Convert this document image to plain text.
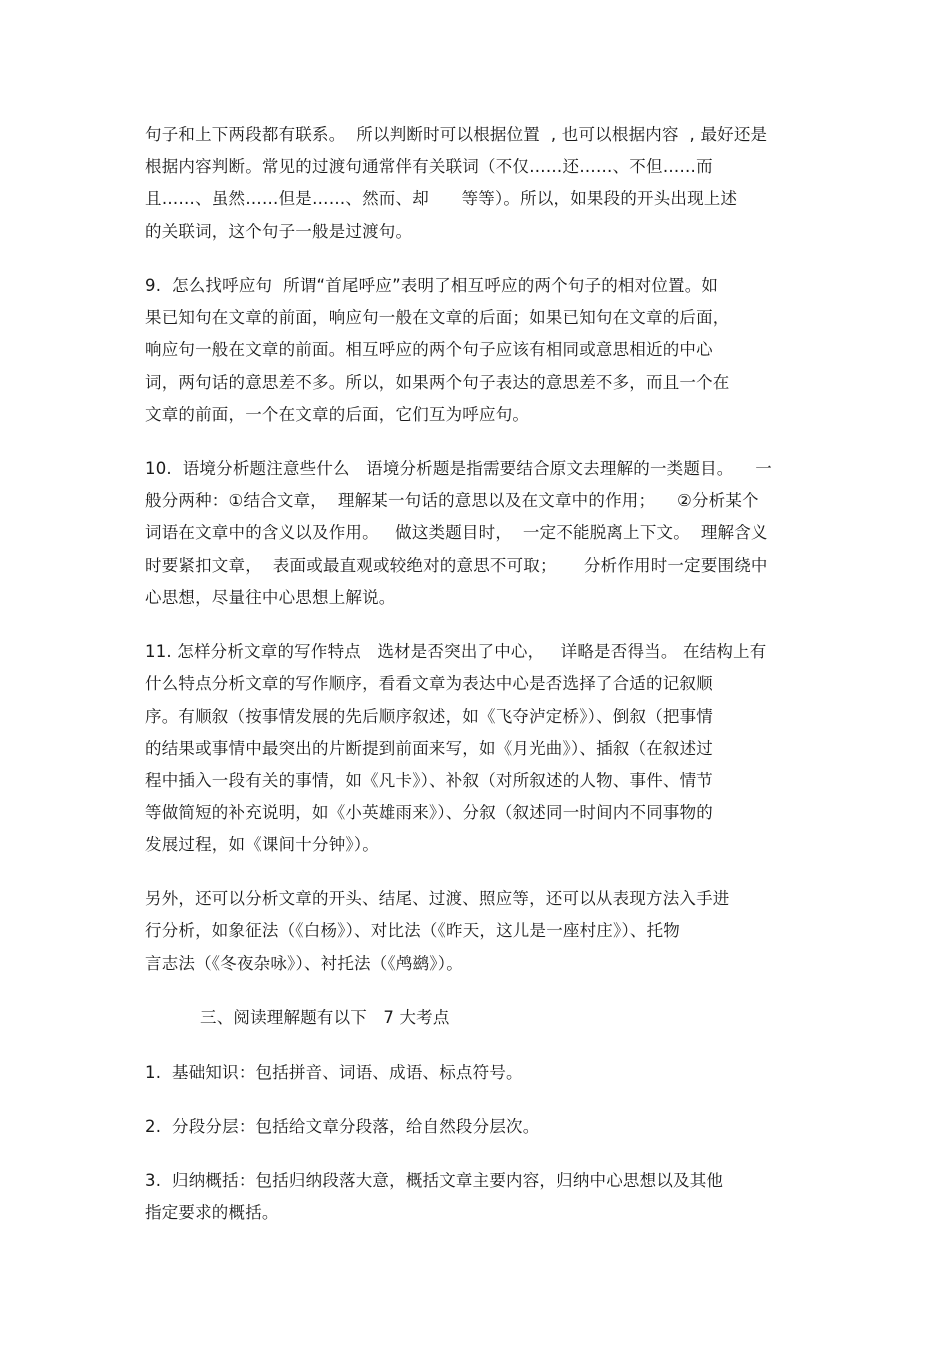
句子和上下两段都有联系。  所以判断时可以根据位置  , 也可以根据内容  , 最好还是
根据内容判断。常见的过渡句通常伴有关联词（不仅……还……、不但……而
且……、虽然……但是……、然而、却      等等）。所以，如果段的开头出现上述
的关联词，这个句子一般是过渡句。
9.  怎么找呼应句  所谓“首尾呼应”表明了相互呼应的两个句子的相对位置。如
果已知句在文章的前面，响应句一般在文章的后面；如果已知句在文章的后面，
响应句一般在文章的前面。相互呼应的两个句子应该有相同或意思相近的中心
词，两句话的意思差不多。所以，如果两个句子表达的意思差不多，而且一个在
文章的前面，一个在文章的后面，它们互为呼应句。
10.  语境分析题注意些什么   语境分析题是指需要结合原文去理解的一类题目。    一
般分两种：①结合文章，  理解某一句话的意思以及在文章中的作用；    ②分析某个
词语在文章中的含义以及作用。   做这类题目时，  一定不能脱离上下文。  理解含义
时要紧扣文章，  表面或最直观或较绝对的意思不可取；     分析作用时一定要围绕中
心思想，尽量往中心思想上解说。
11. 怎样分析文章的写作特点   选材是否突出了中心，   详略是否得当。 在结构上有
什么特点分析文章的写作顺序，看看文章为表达中心是否选择了合适的记叙顺
序。有顺叙（按事情发展的先后顺序叙述，如《飞夺泸定桥》）、倒叙（把事情
的结果或事情中最突出的片断提到前面来写，如《月光曲》）、插叙（在叙述过
程中插入一段有关的事情，如《凡卡》）、补叙（对所叙述的人物、事件、情节
等做简短的补充说明，如《小英雄雨来》）、分叙（叙述同一时间内不同事物的
发展过程，如《课间十分钟》）。
另外，还可以分析文章的开头、结尾、过渡、照应等，还可以从表现方法入手进
行分析，如象征法（《白杨》）、对比法（《昨天，这儿是一座村庄》）、托物
言志法（《冬夜杂咏》）、衬托法（《鸬鹚》）。
三、阅读理解题有以下   7 大考点
1.  基础知识：包括拼音、词语、成语、标点符号。
2.  分段分层：包括给文章分段落，给自然段分层次。
3.  归纳概括：包括归纳段落大意，概括文章主要内容，归纳中心思想以及其他
指定要求的概括。
